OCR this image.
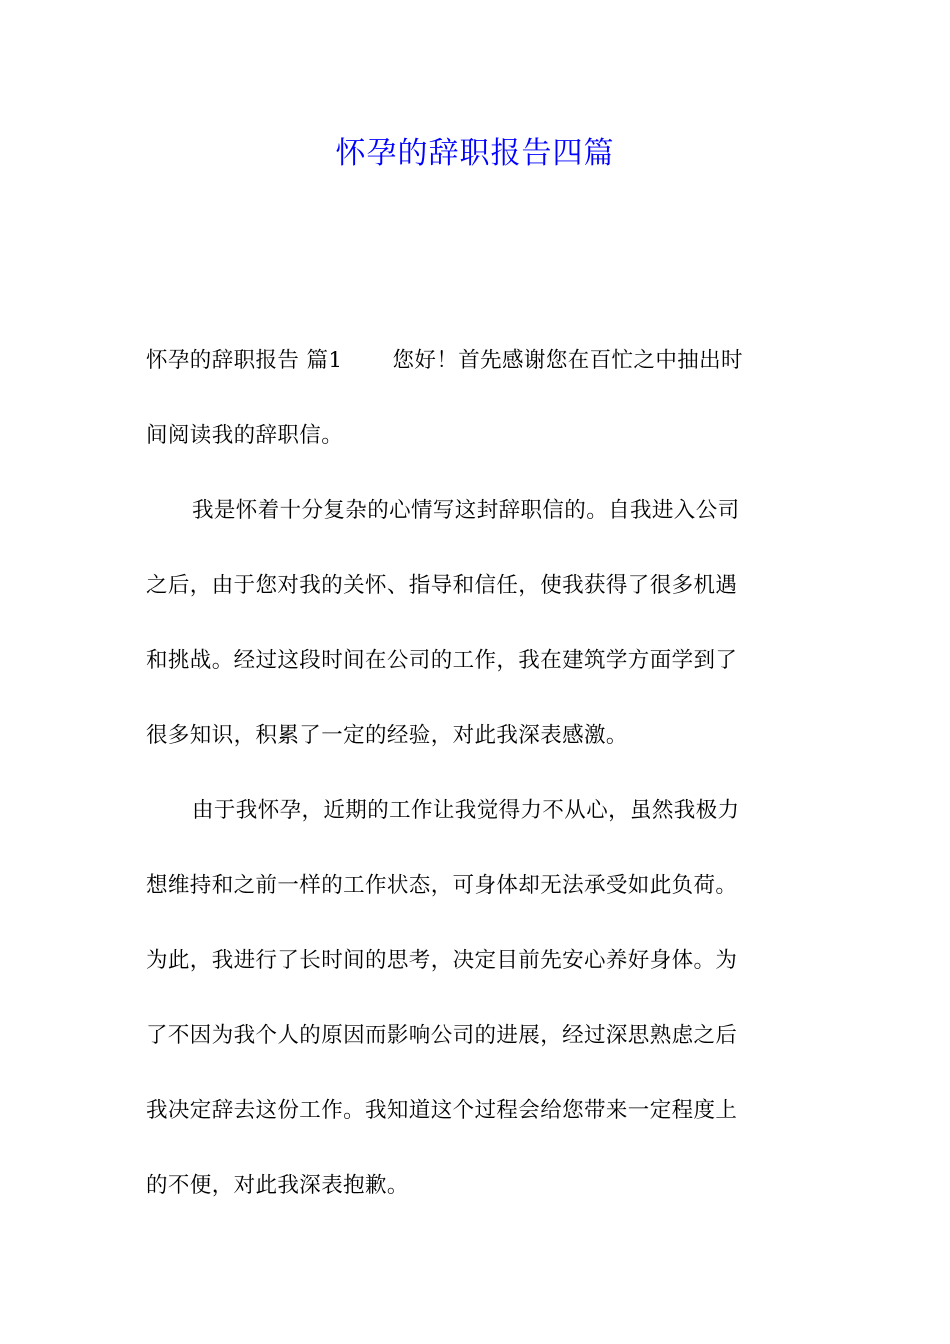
怀孕的辞职报告四篇
怀孕的辞职报告 篇1 您好！首先感谢您在百忙之中抽出时
间阅读我的辞职信。
我是怀着十分复杂的心情写这封辞职信的。自我进入公司
之后，由于您对我的关怀、指导和信任，使我获得了很多机遇
和挑战。经过这段时间在公司的工作，我在建筑学方面学到了
很多知识，积累了一定的经验，对此我深表感激。
由于我怀孕，近期的工作让我觉得力不从心，虽然我极力
想维持和之前一样的工作状态，可身体却无法承受如此负荷。
为此，我进行了长时间的思考，决定目前先安心养好身体。为
了不因为我个人的原因而影响公司的进展，经过深思熟虑之后
我决定辞去这份工作。我知道这个过程会给您带来一定程度上
的不便，对此我深表抱歉。
